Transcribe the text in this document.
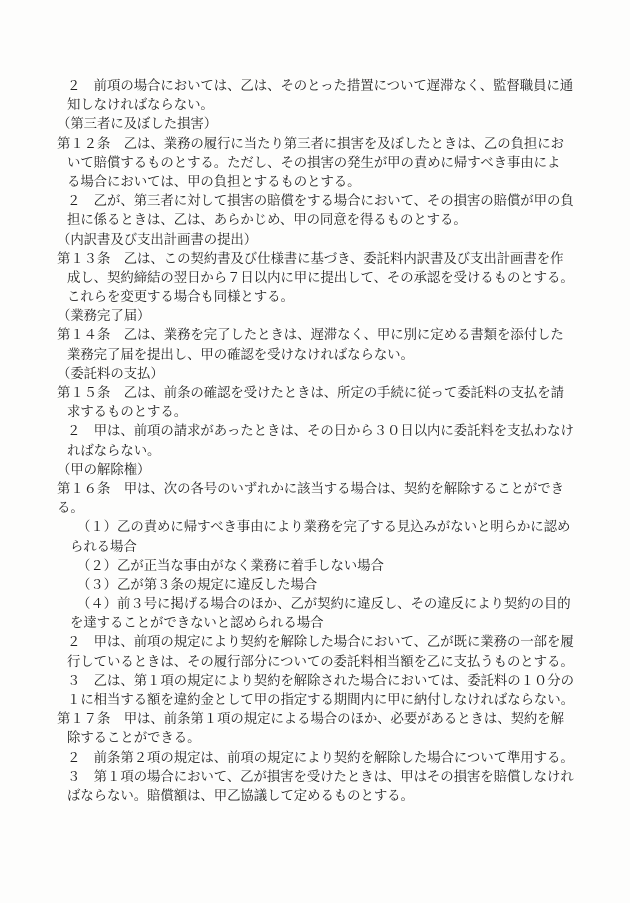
２　前項の場合においては、乙は、そのとった措置について遅滞なく、監督職員に通
知しなければならない。
（第三者に及ぼした損害）
第１２条　乙は、業務の履行に当たり第三者に損害を及ぼしたときは、乙の負担にお
いて賠償するものとする。ただし、その損害の発生が甲の責めに帰すべき事由によ
る場合においては、甲の負担とするものとする。
２　乙が、第三者に対して損害の賠償をする場合において、その損害の賠償が甲の負
担に係るときは、乙は、あらかじめ、甲の同意を得るものとする。
（内訳書及び支出計画書の提出）
第１３条　乙は、この契約書及び仕様書に基づき、委託料内訳書及び支出計画書を作
成し、契約締結の翌日から７日以内に甲に提出して、その承認を受けるものとする。
これらを変更する場合も同様とする。
（業務完了届）
第１４条　乙は、業務を完了したときは、遅滞なく、甲に別に定める書類を添付した
業務完了届を提出し、甲の確認を受けなければならない。
（委託料の支払）
第１５条　乙は、前条の確認を受けたときは、所定の手続に従って委託料の支払を請
求するものとする。
２　甲は、前項の請求があったときは、その日から３０日以内に委託料を支払わなけ
ればならない。
（甲の解除権）
第１６条　甲は、次の各号のいずれかに該当する場合は、契約を解除することができ
る。
（１）乙の責めに帰すべき事由により業務を完了する見込みがないと明らかに認め
られる場合
（２）乙が正当な事由がなく業務に着手しない場合
（３）乙が第３条の規定に違反した場合
（４）前３号に掲げる場合のほか、乙が契約に違反し、その違反により契約の目的
を達することができないと認められる場合
２　甲は、前項の規定により契約を解除した場合において、乙が既に業務の一部を履
行しているときは、その履行部分についての委託料相当額を乙に支払うものとする。
３　乙は、第１項の規定により契約を解除された場合においては、委託料の１０分の
１に相当する額を違約金として甲の指定する期間内に甲に納付しなければならない。
第１７条　甲は、前条第１項の規定による場合のほか、必要があるときは、契約を解
除することができる。
２　前条第２項の規定は、前項の規定により契約を解除した場合について準用する。
３　第１項の場合において、乙が損害を受けたときは、甲はその損害を賠償しなけれ
ばならない。賠償額は、甲乙協議して定めるものとする。
